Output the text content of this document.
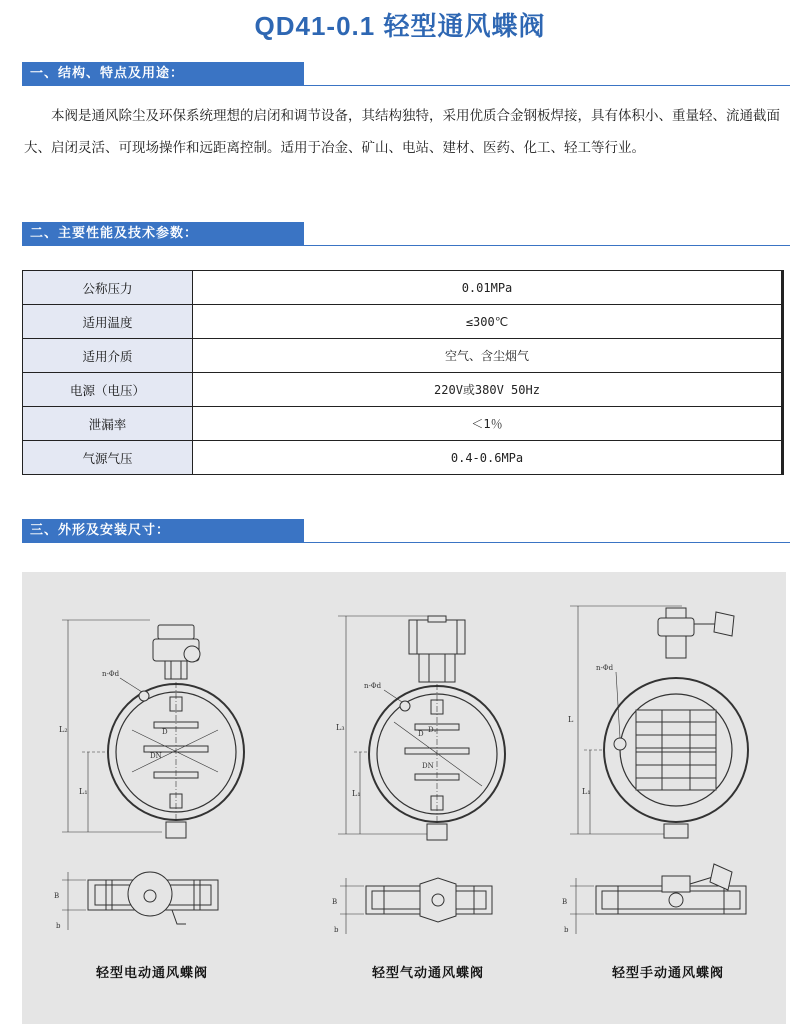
QD41-0.1 轻型通风蝶阀
一、结构、特点及用途：

本阀是通风除尘及环保系统理想的启闭和调节设备，其结构独特，采用优质合金钢板焊接，具有体积小、重量轻、流通截面大、启闭灵活、可现场操作和远距离控制。适用于冶金、矿山、电站、建材、医药、化工、轻工等行业。

二、主要性能及技术参数：
公称压力	0.01MPa
适用温度	≤300℃
适用介质	空气、含尘烟气
电源（电压）	220V或380V 50Hz
泄漏率	＜1％
气源气压	0.4-0.6MPa
三、外形及安装尺寸：
L₂
L₁
n-Φd
D
DN
B
b
L₃
L₁
n-Φd
D D₁
DN
B
b
L
L₁
n-Φd
B
b
轻型电动通风蝶阀	轻型气动通风蝶阀	轻型手动通风蝶阀
